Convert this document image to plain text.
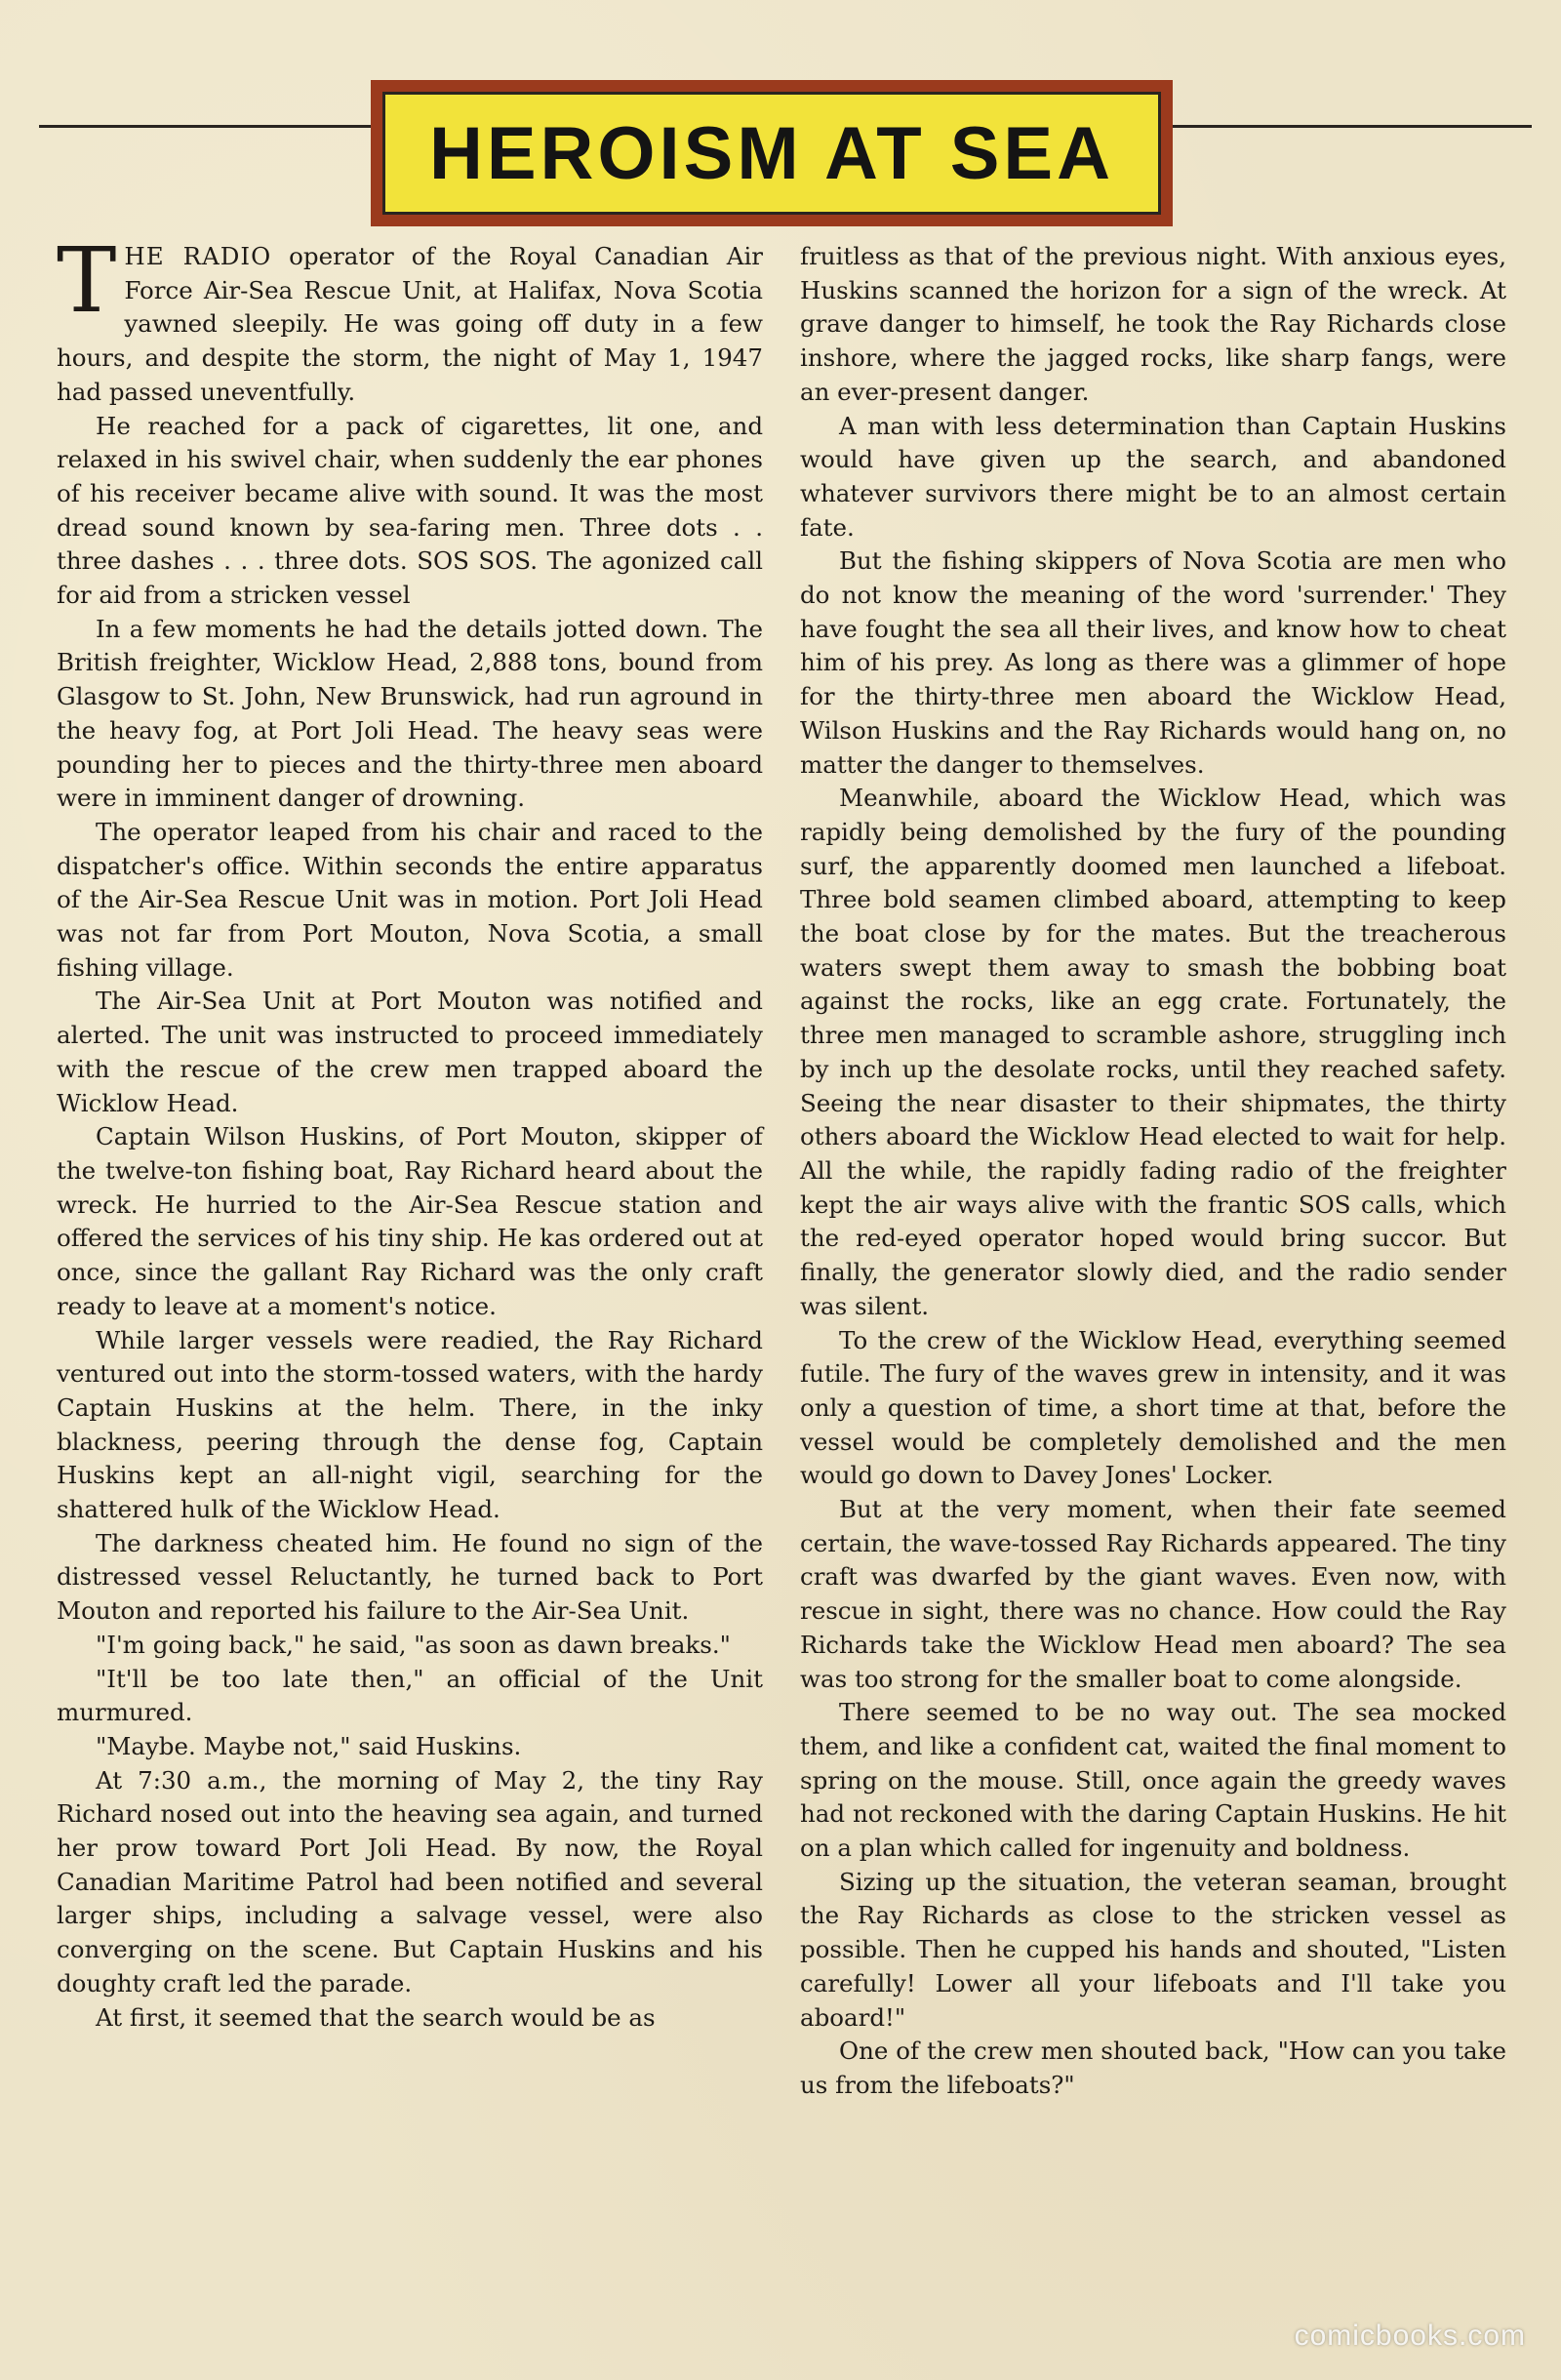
HEROISM AT SEA

THE RADIO operator of the Royal Canadian Air Force Air-Sea Rescue Unit, at Halifax, Nova Scotia yawned sleepily. He was going off duty in a few hours, and despite the storm, the night of May 1, 1947 had passed uneventfully.

He reached for a pack of cigarettes, lit one, and relaxed in his swivel chair, when suddenly the ear phones of his receiver became alive with sound. It was the most dread sound known by sea-faring men. Three dots . . three dashes . . . three dots. SOS SOS. The agonized call for aid from a stricken vessel

In a few moments he had the details jotted down. The British freighter, Wicklow Head, 2,888 tons, bound from Glasgow to St. John, New Brunswick, had run aground in the heavy fog, at Port Joli Head. The heavy seas were pounding her to pieces and the thirty-three men aboard were in imminent danger of drowning.

The operator leaped from his chair and raced to the dispatcher's office. Within seconds the entire apparatus of the Air-Sea Rescue Unit was in motion. Port Joli Head was not far from Port Mouton, Nova Scotia, a small fishing village.

The Air-Sea Unit at Port Mouton was notified and alerted. The unit was instructed to proceed immediately with the rescue of the crew men trapped aboard the Wicklow Head.

Captain Wilson Huskins, of Port Mouton, skipper of the twelve-ton fishing boat, Ray Richard heard about the wreck. He hurried to the Air-Sea Rescue station and offered the services of his tiny ship. He kas ordered out at once, since the gallant Ray Richard was the only craft ready to leave at a moment's notice.

While larger vessels were readied, the Ray Richard ventured out into the storm-tossed waters, with the hardy Captain Huskins at the helm. There, in the inky blackness, peering through the dense fog, Captain Huskins kept an all-night vigil, searching for the shattered hulk of the Wicklow Head.

The darkness cheated him. He found no sign of the distressed vessel Reluctantly, he turned back to Port Mouton and reported his failure to the Air-Sea Unit.

"I'm going back," he said, "as soon as dawn breaks."

"It'll be too late then," an official of the Unit murmured.

"Maybe. Maybe not," said Huskins.

At 7:30 a.m., the morning of May 2, the tiny Ray Richard nosed out into the heaving sea again, and turned her prow toward Port Joli Head. By now, the Royal Canadian Maritime Patrol had been notified and several larger ships, including a salvage vessel, were also converging on the scene. But Captain Huskins and his doughty craft led the parade.

At first, it seemed that the search would be as

fruitless as that of the previous night. With anxious eyes, Huskins scanned the horizon for a sign of the wreck. At grave danger to himself, he took the Ray Richards close inshore, where the jagged rocks, like sharp fangs, were an ever-present danger.

A man with less determination than Captain Huskins would have given up the search, and abandoned whatever survivors there might be to an almost certain fate.

But the fishing skippers of Nova Scotia are men who do not know the meaning of the word 'surrender.' They have fought the sea all their lives, and know how to cheat him of his prey. As long as there was a glimmer of hope for the thirty-three men aboard the Wicklow Head, Wilson Huskins and the Ray Richards would hang on, no matter the danger to themselves.

Meanwhile, aboard the Wicklow Head, which was rapidly being demolished by the fury of the pounding surf, the apparently doomed men launched a lifeboat. Three bold seamen climbed aboard, attempting to keep the boat close by for the mates. But the treacherous waters swept them away to smash the bobbing boat against the rocks, like an egg crate. Fortunately, the three men managed to scramble ashore, struggling inch by inch up the desolate rocks, until they reached safety. Seeing the near disaster to their shipmates, the thirty others aboard the Wicklow Head elected to wait for help. All the while, the rapidly fading radio of the freighter kept the air ways alive with the frantic SOS calls, which the red-eyed operator hoped would bring succor. But finally, the generator slowly died, and the radio sender was silent.

To the crew of the Wicklow Head, everything seemed futile. The fury of the waves grew in intensity, and it was only a question of time, a short time at that, before the vessel would be completely demolished and the men would go down to Davey Jones' Locker.

But at the very moment, when their fate seemed certain, the wave-tossed Ray Richards appeared. The tiny craft was dwarfed by the giant waves. Even now, with rescue in sight, there was no chance. How could the Ray Richards take the Wicklow Head men aboard? The sea was too strong for the smaller boat to come alongside.

There seemed to be no way out. The sea mocked them, and like a confident cat, waited the final moment to spring on the mouse. Still, once again the greedy waves had not reckoned with the daring Captain Huskins. He hit on a plan which called for ingenuity and boldness.

Sizing up the situation, the veteran seaman, brought the Ray Richards as close to the stricken vessel as possible. Then he cupped his hands and shouted, "Listen carefully! Lower all your lifeboats and I'll take you aboard!"

One of the crew men shouted back, "How can you take us from the lifeboats?"

comicbooks.com
